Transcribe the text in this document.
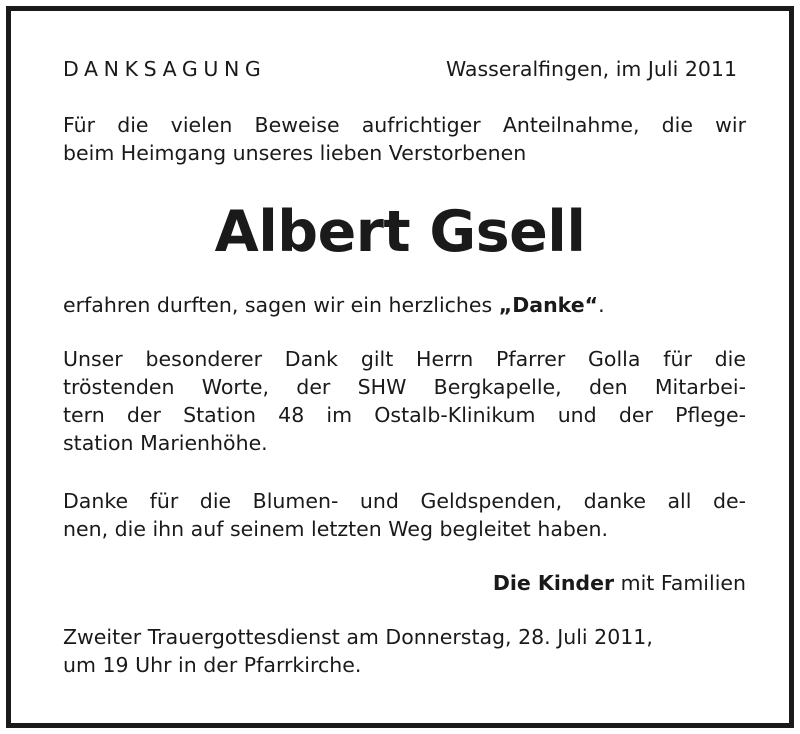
DANKSAGUNG	Wasseralfingen, im Juli 2011
Für die vielen Beweise aufrichtiger Anteilnahme, die wir
beim Heimgang unseres lieben Verstorbenen
Albert Gsell
erfahren durften, sagen wir ein herzliches „Danke“.
Unser besonderer Dank gilt Herrn Pfarrer Golla für die
tröstenden Worte, der SHW Bergkapelle, den Mitarbei-
tern der Station 48 im Ostalb-Klinikum und der Pflege-
station Marienhöhe.
Danke für die Blumen- und Geldspenden, danke all de-
nen, die ihn auf seinem letzten Weg begleitet haben.
Die Kinder mit Familien
Zweiter Trauergottesdienst am Donnerstag, 28. Juli 2011,
um 19 Uhr in der Pfarrkirche.
